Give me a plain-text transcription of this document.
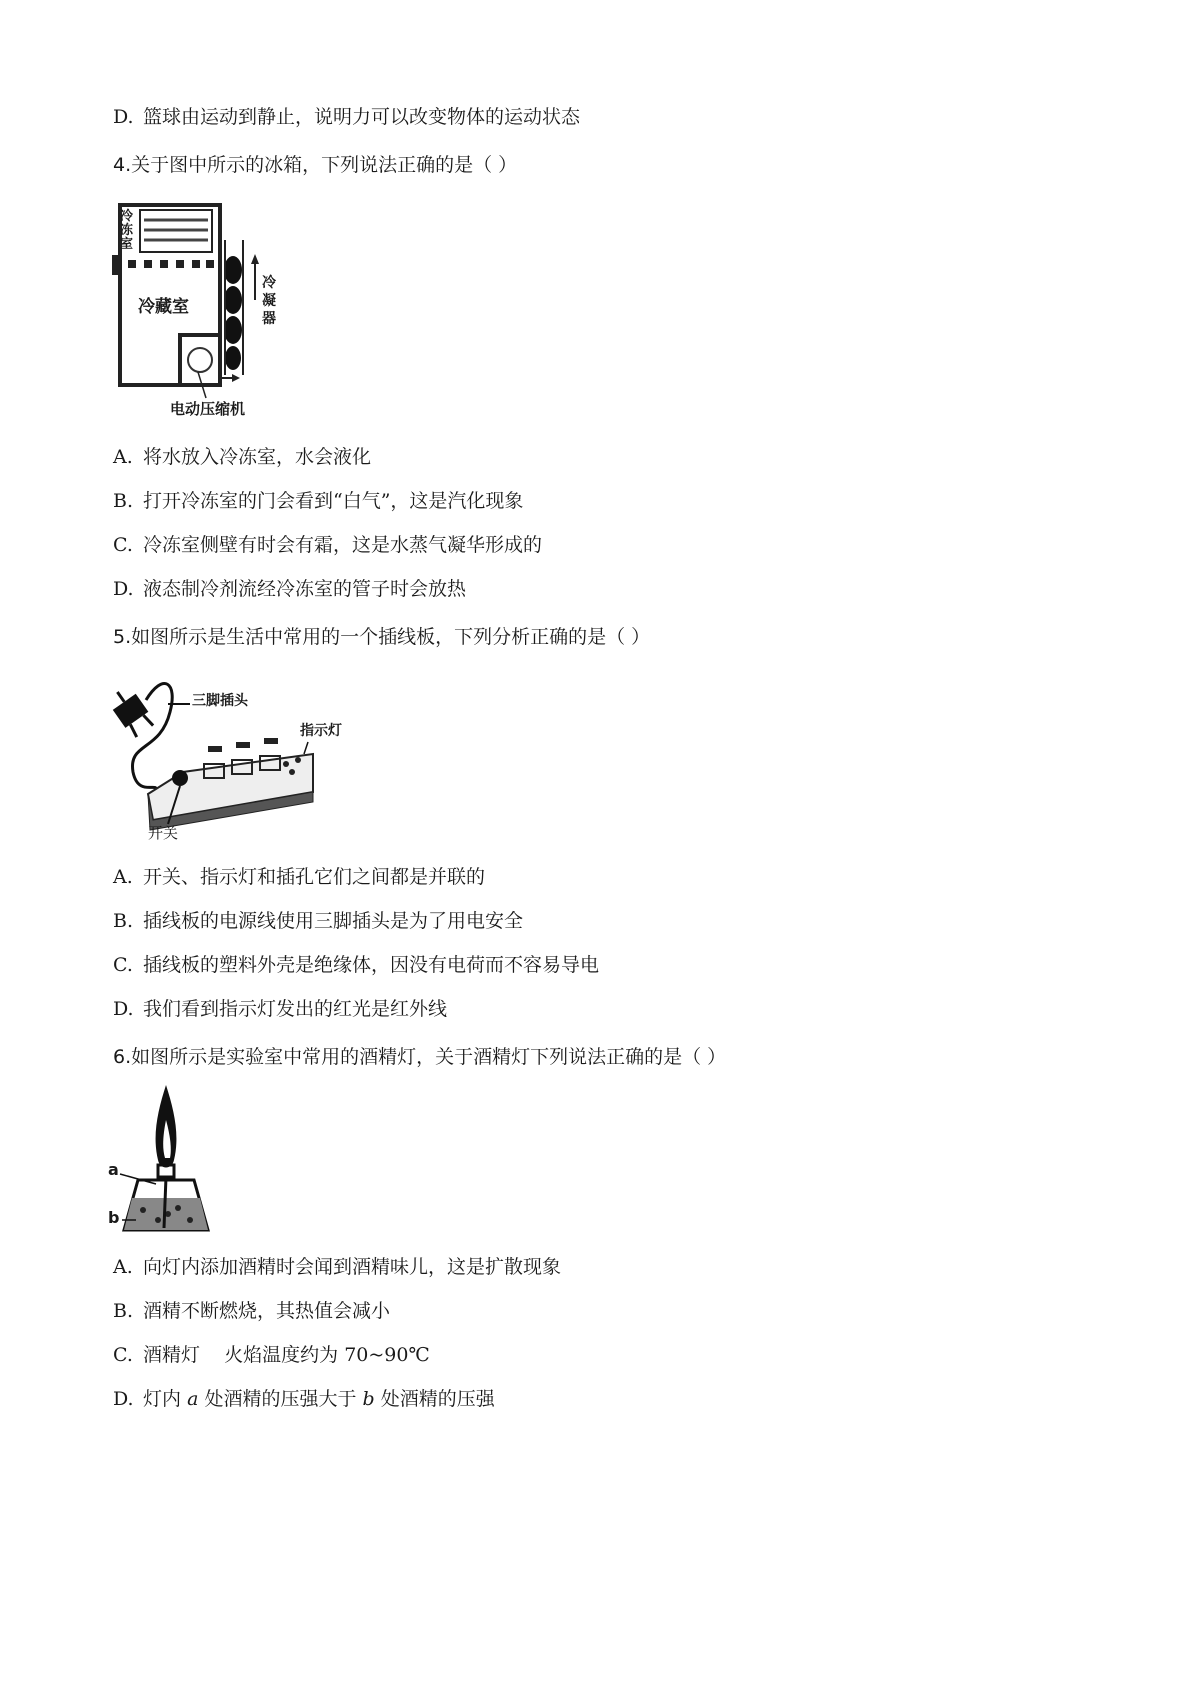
D. 篮球由运动到静止，说明力可以改变物体的运动状态
4.关于图中所示的冰箱，下列说法正确的是（ ）
冷冻室
冷藏室
冷凝器
电动压缩机
A. 将水放入冷冻室，水会液化
B. 打开冷冻室的门会看到“白气”，这是汽化现象
C. 冷冻室侧壁有时会有霜，这是水蒸气凝华形成的
D. 液态制冷剂流经冷冻室的管子时会放热
5.如图所示是生活中常用的一个插线板，下列分析正确的是（ ）
三脚插头
指示灯
开关
A. 开关、指示灯和插孔它们之间都是并联的
B. 插线板的电源线使用三脚插头是为了用电安全
C. 插线板的塑料外壳是绝缘体，因没有电荷而不容易导电
D. 我们看到指示灯发出的红光是红外线
6.如图所示是实验室中常用的酒精灯，关于酒精灯下列说法正确的是（ ）
a
b
A. 向灯内添加酒精时会闻到酒精味儿，这是扩散现象
B. 酒精不断燃烧，其热值会减小
C. 酒精灯    火焰温度约为 70~90℃
D. 灯内 a 处酒精的压强大于 b 处酒精的压强
